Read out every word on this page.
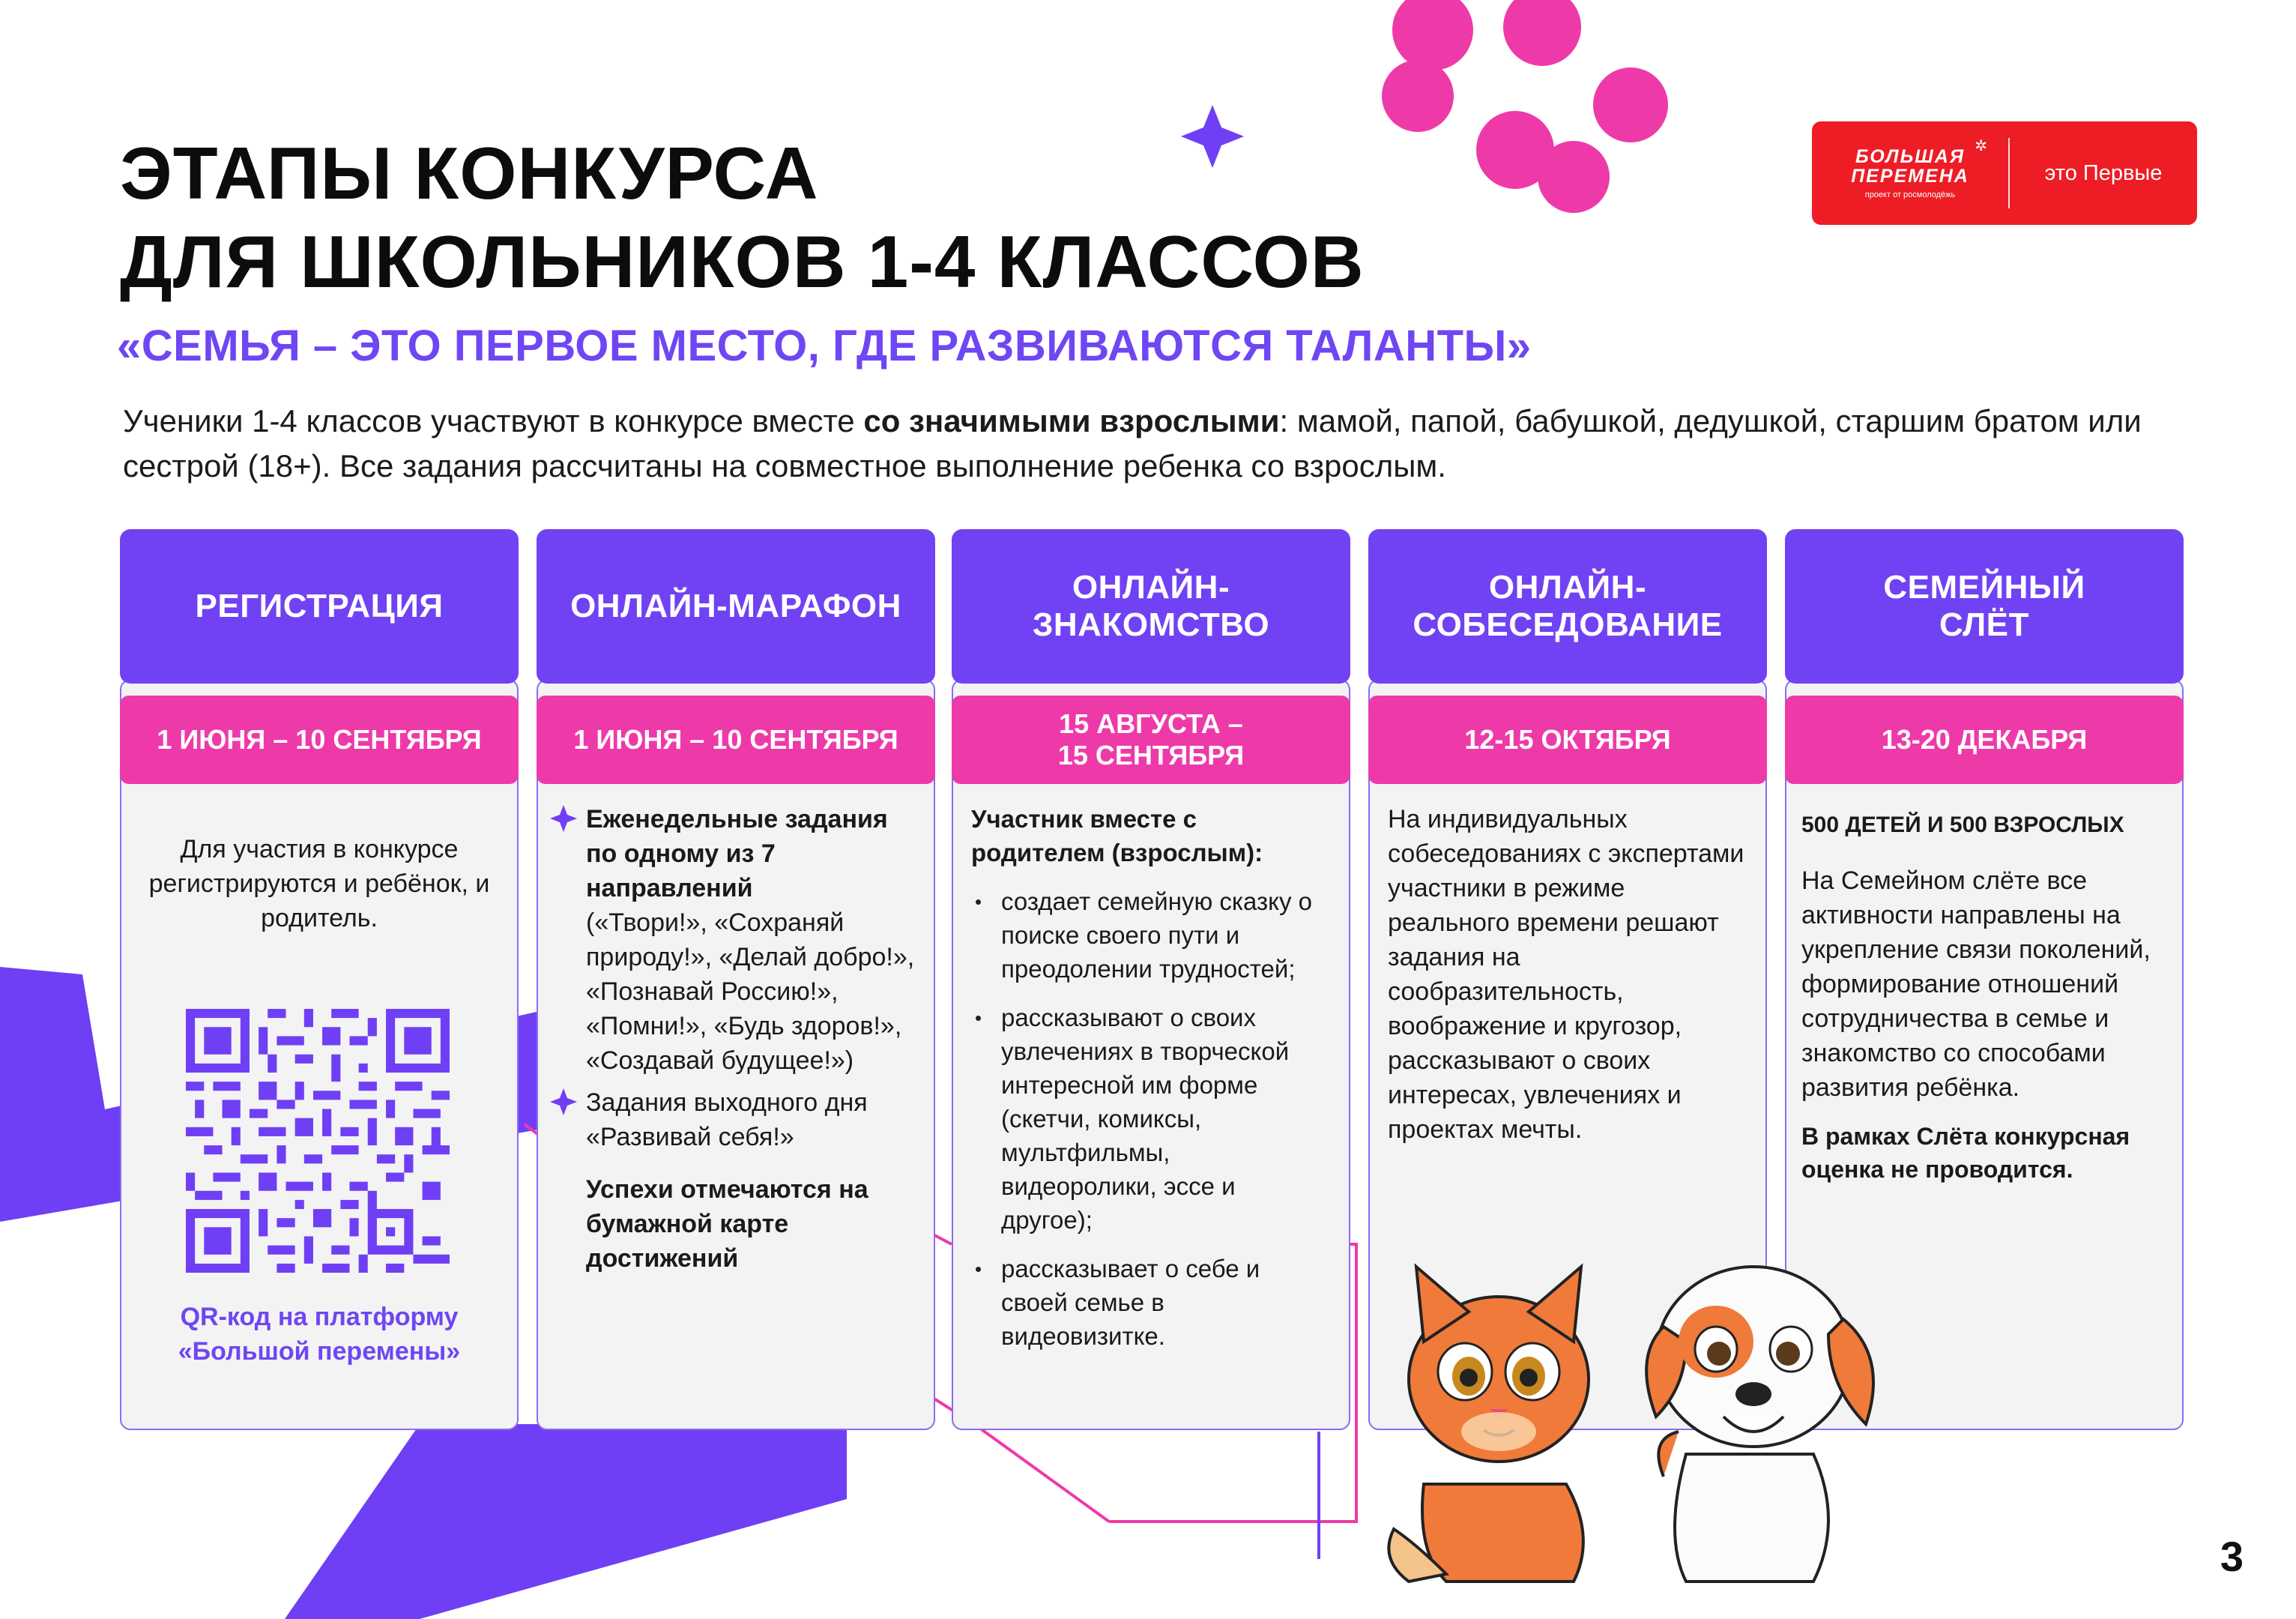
ЭТАПЫ КОНКУРСА
ДЛЯ ШКОЛЬНИКОВ 1-4 КЛАССОВ
«СЕМЬЯ – ЭТО ПЕРВОЕ МЕСТО, ГДЕ РАЗВИВАЮТСЯ ТАЛАНТЫ»
Ученики 1-4 классов участвуют в конкурсе вместе со значимыми взрослыми: мамой, папой, бабушкой, дедушкой, старшим братом или сестрой (18+). Все задания рассчитаны на совместное выполнение ребенка со взрослым.
✲
БОЛЬШАЯ
ПЕРЕМЕНА
проект от росмолодёжь
это Первые
РЕГИСТРАЦИЯ
1 ИЮНЯ – 10 СЕНТЯБРЯ
Для участия в конкурсе регистрируются и ребёнок, и родитель.
QR-код на платформу
«Большой перемены»
ОНЛАЙН-МАРАФОН
1 ИЮНЯ – 10 СЕНТЯБРЯ
Еженедельные задания по одному из 7 направлений
(«Твори!», «Сохраняй природу!», «Делай добро!», «Познавай Россию!», «Помни!», «Будь здоров!», «Создавай будущее!»)
Задания выходного дня «Развивай себя!»
Успехи отмечаются на бумажной карте достижений
ОНЛАЙН-
ЗНАКОМСТВО
15 АВГУСТА –
15 СЕНТЯБРЯ
Участник вместе с родителем (взрослым):
создает семейную сказку о поиске своего пути и преодолении трудностей;
рассказывают о своих увлечениях в творческой интересной им форме (скетчи, комиксы, мультфильмы, видеоролики, эссе и другое);
рассказывает о себе и своей семье в видеовизитке.
ОНЛАЙН-
СОБЕСЕДОВАНИЕ
12-15 ОКТЯБРЯ
На индивидуальных собеседованиях с экспертами участники в режиме реального времени решают задания на сообразительность, воображение и кругозор, рассказывают о своих интересах, увлечениях и проектах мечты.
СЕМЕЙНЫЙ
СЛЁТ
13-20 ДЕКАБРЯ
500 ДЕТЕЙ И 500 ВЗРОСЛЫХ
На Семейном слёте все активности направлены на укрепление связи поколений, формирование отношений сотрудничества в семье и знакомство со способами развития ребёнка.
В рамках Слёта конкурсная оценка не проводится.
3
